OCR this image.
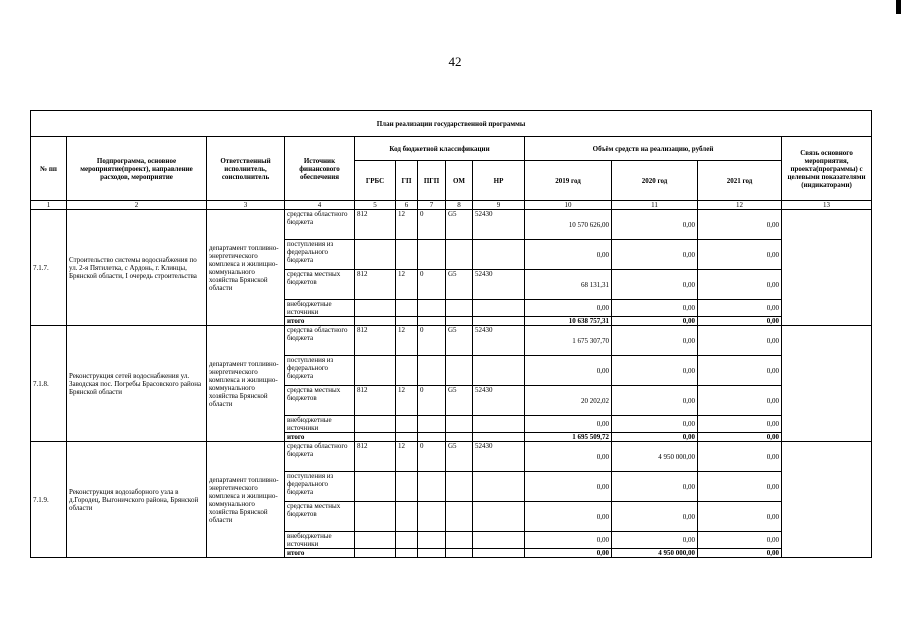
42
План реализации государственной программы												
№ пп	Подпрограмма, основное мероприятие(проект), направление расходов, мероприятие	Ответственный исполнитель, соисполнитель	Источник финансового обеспечения	Код бюджетной классификации					Объём средств на реализацию, рублей			Связь основного мероприятия, проекта(программы) с целевыми показателями (индикаторами)
				ГРБС	ГП	ПГП	ОМ	НР	2019 год	2020 год	2021 год	
1	2	3	4	5	6	7	8	9	10	11	12	13
7.1.7.	Строительство системы водоснабжения по ул. 2-я Пятилетка, с Ардонь, г. Клинцы, Брянской области, I очередь строительства	департамент топливно-энергетического комплекса и жилищно-коммунального хозяйства Брянской области	средства областного бюджета	812	12	0	G5	52430	10 570 626,00	0,00	0,00	
			поступления из федерального бюджета						0,00	0,00	0,00	
			средства местных бюджетов	812	12	0	G5	52430	68 131,31	0,00	0,00	
			внебюджетные источники						0,00	0,00	0,00	
			итого						10 638 757,31	0,00	0,00	
7.1.8.	Реконструкция сетей водоснабжения ул. Заводская пос. Погребы Брасовского района Брянской области	департамент топливно-энергетического комплекса и жилищно-коммунального хозяйства Брянской области	средства областного бюджета	812	12	0	G5	52430	1 675 307,70	0,00	0,00	
			поступления из федерального бюджета						0,00	0,00	0,00	
			средства местных бюджетов	812	12	0	G5	52430	20 202,02	0,00	0,00	
			внебюджетные источники						0,00	0,00	0,00	
			итого						1 695 509,72	0,00	0,00	
7.1.9.	Реконструкция водозаборного узла в д.Городец, Выгоничского района, Брянской области	департамент топливно-энергетического комплекса и жилищно-коммунального хозяйства Брянской области	средства областного бюджета	812	12	0	G5	52430	0,00	4 950 000,00	0,00	
			поступления из федерального бюджета						0,00	0,00	0,00	
			средства местных бюджетов						0,00	0,00	0,00	
			внебюджетные источники						0,00	0,00	0,00	
			итого						0,00	4 950 000,00	0,00	
